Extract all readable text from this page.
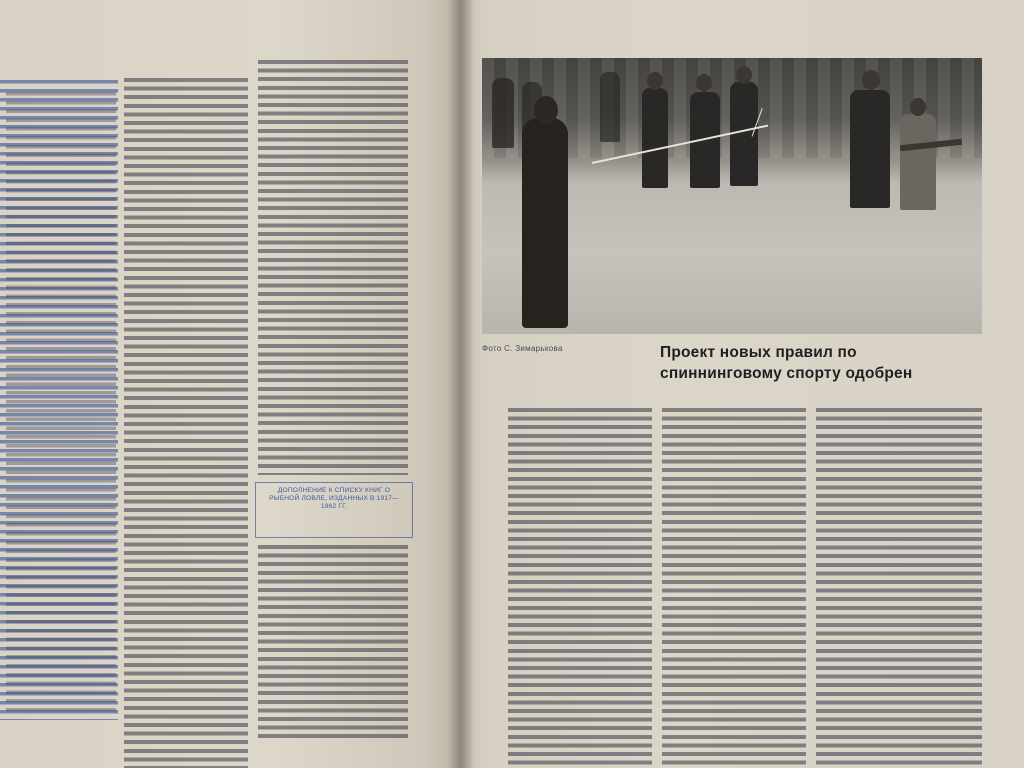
ДОПОЛНЕНИЕ К СПИСКУ КНИГ О РЫБНОЙ ЛОВЛЕ, ИЗДАННЫХ В 1917—1962 ГГ.
Фото С. Зимарькова	Проект новых правил по спиннинговому спорту одобрен
